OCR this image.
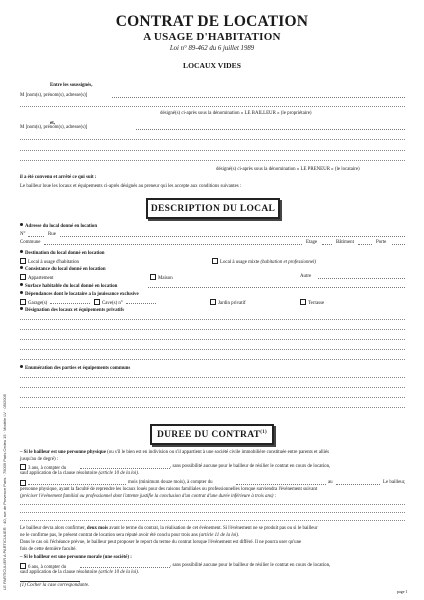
CONTRAT DE LOCATION
A USAGE D'HABITATION
Loi n° 89-462 du 6 juillet 1989
LOCAUX VIDES
Entre les soussignés,
M [nom(s), prénom(s), adresse(s)]
désigné(s) ci-après sous la dénomination « LE BAILLEUR » (le propriétaire)
et,
M [nom(s), prénom(s), adresse(s)]
désigné(s) ci-après sous la dénomination « LE PRENEUR » (le locataire)
il a été convenu et arrêté ce qui suit :
Le bailleur loue les locaux et équipements ci-après désignés au preneur qui les accepte aux conditions suivantes :
DESCRIPTION DU LOCAL
Adresse du local donné en location
N°	Rue
Commune	Etage	Bâtiment	Porte
Destination du local donné en location
Local à usage d'habitation	Local à usage mixte (habitation et professionnel)
Consistance du local donné en location
Appartement	Maison	Autre
Surface habitable du local donné en location
Dépendances dont le locataire a la jouissance exclusive
Garage(s)	Cave(s) n°	Jardin privatif	Terrasse
Désignation des locaux et équipements privatifs
Enumération des parties et équipements communs
DUREE DU CONTRAT$^{(1)}$
– Si le bailleur est une personne physique (ou s'il le bien est en indivision ou s'il appartient à une société civile immobilière constituée entre parents et alliés
jusqu'au 4e degré) :
3 ans, à compter du	, sans possibilité aucune pour le bailleur de résilier le contrat en cours de location,
sauf application de la clause résolutoire (article 10 de la loi).
mois (minimum douze mois), à compter du	au	Le bailleur,
personne physique, ayant la faculté de reprendre les locaux loués pour des raisons familiales ou professionnelles lorsque surviendra l'événement suivant
(préciser l'événement familial ou professionnel dont l'attente justifie la conclusion d'un contrat d'une durée inférieure à trois ans) :
Le bailleur devra alors confirmer, deux mois avant le terme du contrat, la réalisation de cet événement. Si l'événement ne se produit pas ou si le bailleur
ne le confirme pas, le présent contrat de location sera réputé avoir été conclu pour trois ans (article 11 de la loi).
Dans le cas où l'échéance prévue, le bailleur peut proposer le report du terme du contrat lorsque l'événement est différé. Il ne pourra user qu'une
fois de cette dernière faculté.
– Si le bailleur est une personne morale (une société) :
6 ans, à compter du	, sans possibilité aucune pour le bailleur de résilier le contrat en cours de location,
sauf application de la clause résolutoire (article 10 de la loi).
(1) Cocher la case correspondante.
page 1
LE PARTICULIER A PARTICULIER · 40, rue de Provence Paris · 75009 Paris Cedex 15 · Modèle LV · 05/2005
